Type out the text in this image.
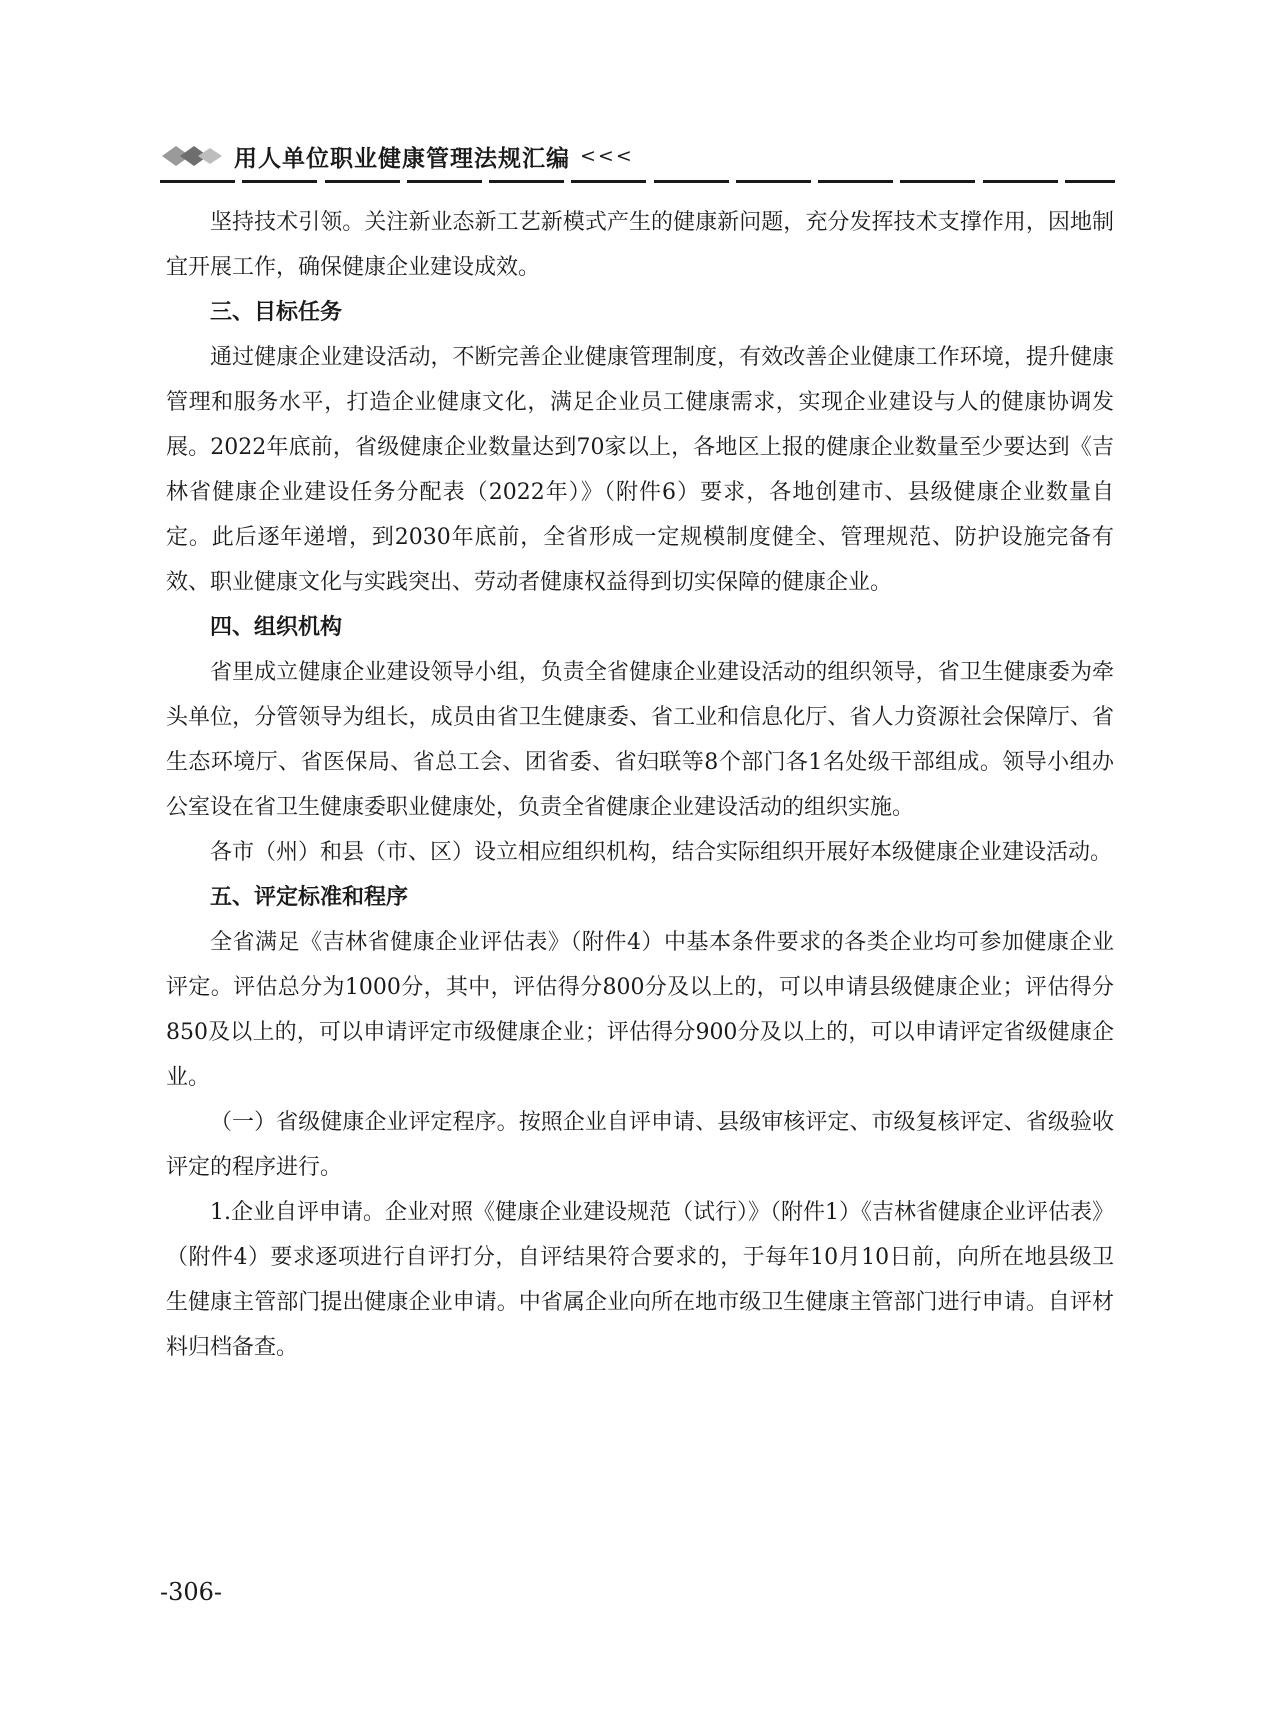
用人单位职业健康管理法规汇编 <<<

坚持技术引领。关注新业态新工艺新模式产生的健康新问题，充分发挥技术支撑作用，因地制宜开展工作，确保健康企业建设成效。

三、目标任务

通过健康企业建设活动，不断完善企业健康管理制度，有效改善企业健康工作环境，提升健康管理和服务水平，打造企业健康文化，满足企业员工健康需求，实现企业建设与人的健康协调发展。2022年底前，省级健康企业数量达到70家以上，各地区上报的健康企业数量至少要达到《吉林省健康企业建设任务分配表（2022年）》（附件6）要求，各地创建市、县级健康企业数量自定。此后逐年递增，到2030年底前，全省形成一定规模制度健全、管理规范、防护设施完备有效、职业健康文化与实践突出、劳动者健康权益得到切实保障的健康企业。

四、组织机构

省里成立健康企业建设领导小组，负责全省健康企业建设活动的组织领导，省卫生健康委为牵头单位，分管领导为组长，成员由省卫生健康委、省工业和信息化厅、省人力资源社会保障厅、省生态环境厅、省医保局、省总工会、团省委、省妇联等8个部门各1名处级干部组成。领导小组办公室设在省卫生健康委职业健康处，负责全省健康企业建设活动的组织实施。

各市（州）和县（市、区）设立相应组织机构，结合实际组织开展好本级健康企业建设活动。

五、评定标准和程序

全省满足《吉林省健康企业评估表》（附件4）中基本条件要求的各类企业均可参加健康企业评定。评估总分为1000分，其中，评估得分800分及以上的，可以申请县级健康企业；评估得分850及以上的，可以申请评定市级健康企业；评估得分900分及以上的，可以申请评定省级健康企业。

（一）省级健康企业评定程序。按照企业自评申请、县级审核评定、市级复核评定、省级验收评定的程序进行。

1.企业自评申请。企业对照《健康企业建设规范（试行）》（附件1）《吉林省健康企业评估表》（附件4）要求逐项进行自评打分，自评结果符合要求的，于每年10月10日前，向所在地县级卫生健康主管部门提出健康企业申请。中省属企业向所在地市级卫生健康主管部门进行申请。自评材料归档备查。

-306-
